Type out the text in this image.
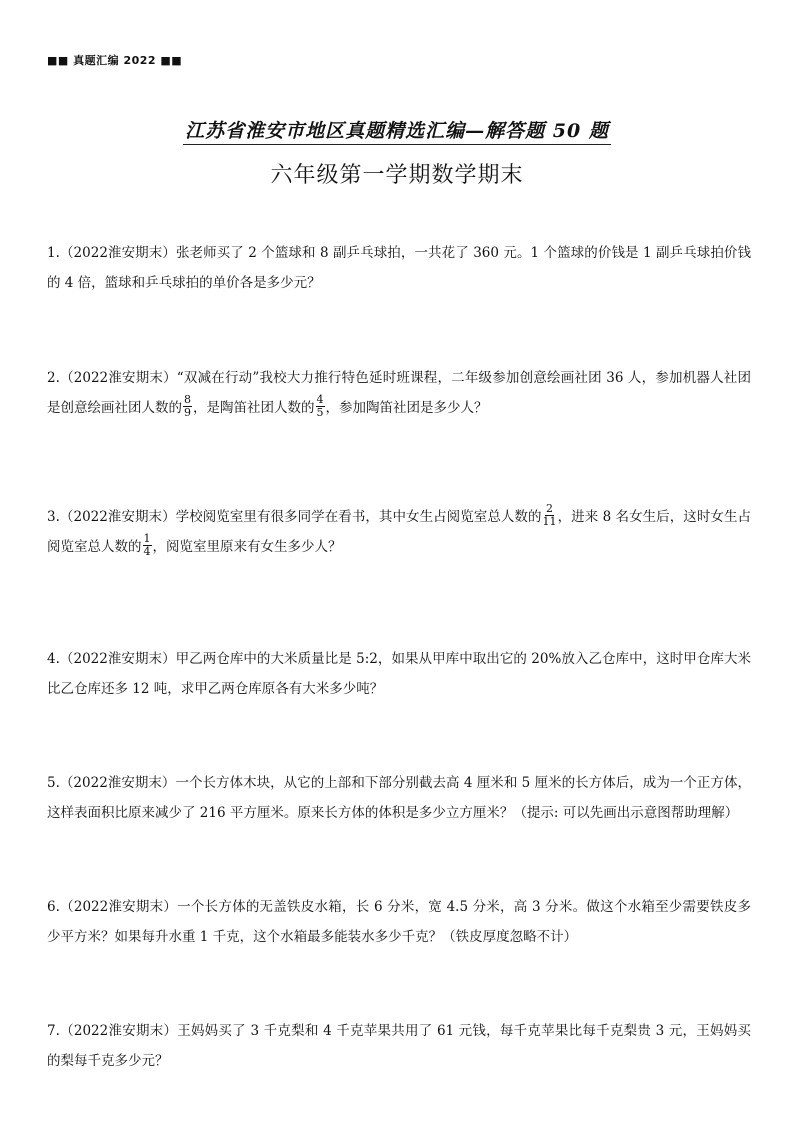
■■ 真题汇编 2022 ■■
江苏省淮安市地区真题精选汇编—解答题 50 题
六年级第一学期数学期末
1.（2022淮安期末）张老师买了 2 个篮球和 8 副乒乓球拍，一共花了 360 元。1 个篮球的价钱是 1 副乒乓球拍价钱的 4 倍，篮球和乒乓球拍的单价各是多少元？
2.（2022淮安期末）“双减在行动”我校大力推行特色延时班课程，二年级参加创意绘画社团 36 人，参加机器人社团是创意绘画社团人数的 $\frac{8}{9}$ ，是陶笛社团人数的 $\frac{4}{5}$ ，参加陶笛社团是多少人？
3.（2022淮安期末）学校阅览室里有很多同学在看书，其中女生占阅览室总人数的 $\frac{2}{11}$ ，进来 8 名女生后，这时女生占阅览室总人数的 $\frac{1}{4}$ ，阅览室里原来有女生多少人？
4.（2022淮安期末）甲乙两仓库中的大米质量比是 5:2，如果从甲库中取出它的 20%放入乙仓库中，这时甲仓库大米比乙仓库还多 12 吨，求甲乙两仓库原各有大米多少吨？
5.（2022淮安期末）一个长方体木块，从它的上部和下部分别截去高 4 厘米和 5 厘米的长方体后，成为一个正方体，这样表面积比原来减少了 216 平方厘米。原来长方体的体积是多少立方厘米？（提示: 可以先画出示意图帮助理解）
6.（2022淮安期末）一个长方体的无盖铁皮水箱，长 6 分米，宽 4.5 分米，高 3 分米。做这个水箱至少需要铁皮多少平方米？如果每升水重 1 千克，这个水箱最多能装水多少千克？（铁皮厚度忽略不计）
7.（2022淮安期末）王妈妈买了 3 千克梨和 4 千克苹果共用了 61 元钱，每千克苹果比每千克梨贵 3 元，王妈妈买的梨每千克多少元？
